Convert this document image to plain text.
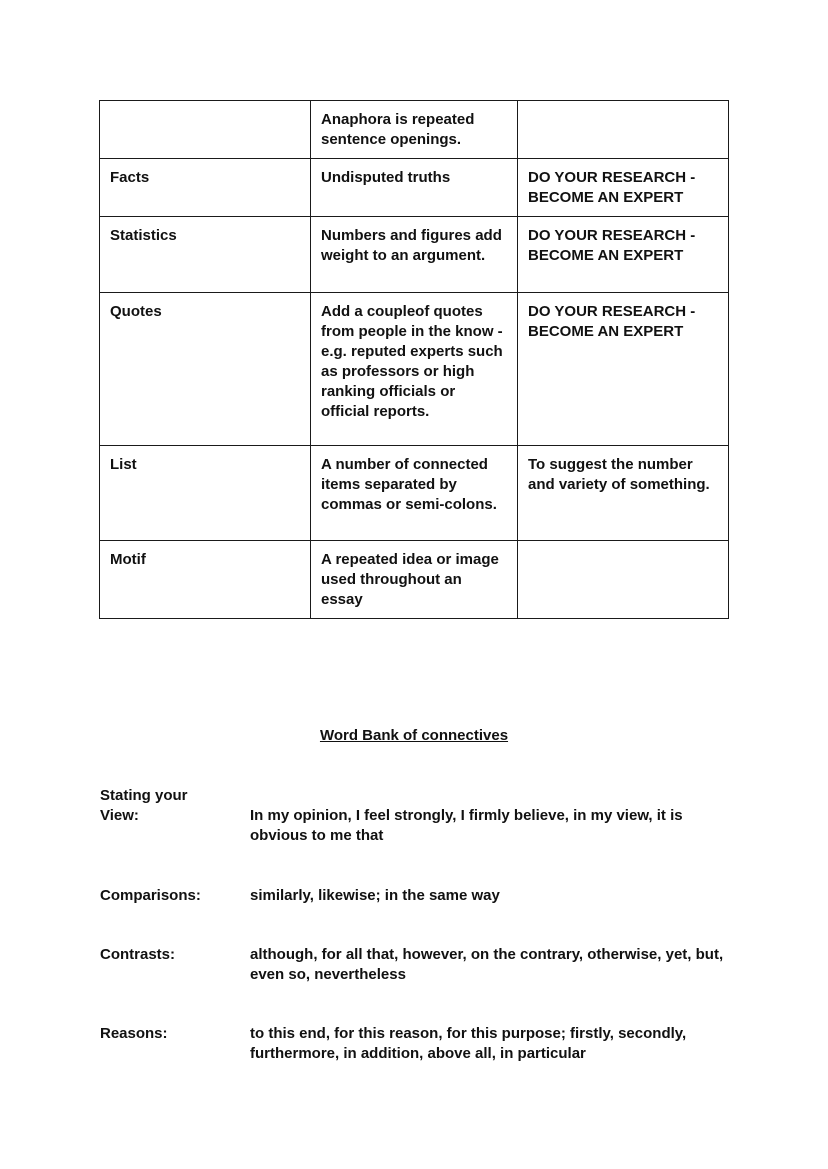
	Anaphora is repeated sentence openings.	
Facts	Undisputed truths	DO YOUR RESEARCH - BECOME AN EXPERT
Statistics	Numbers and figures add weight to an argument.	DO YOUR RESEARCH - BECOME AN EXPERT
Quotes	Add a coupleof quotes from people in the know - e.g. reputed experts such as professors or high ranking officials or official reports.	DO YOUR RESEARCH - BECOME AN EXPERT
List	A number of connected items separated by commas or semi-colons.	To suggest the number and variety of something.
Motif	A repeated idea or image used throughout an essay	
Word Bank of connectives
Stating your View:	In my opinion, I feel strongly, I firmly believe, in my view, it is obvious to me that
Comparisons:	similarly, likewise; in the same way
Contrasts:	although, for all that, however, on the contrary, otherwise, yet, but, even so, nevertheless
Reasons:	to this end, for this reason, for this purpose; firstly, secondly, furthermore, in addition, above all, in particular
